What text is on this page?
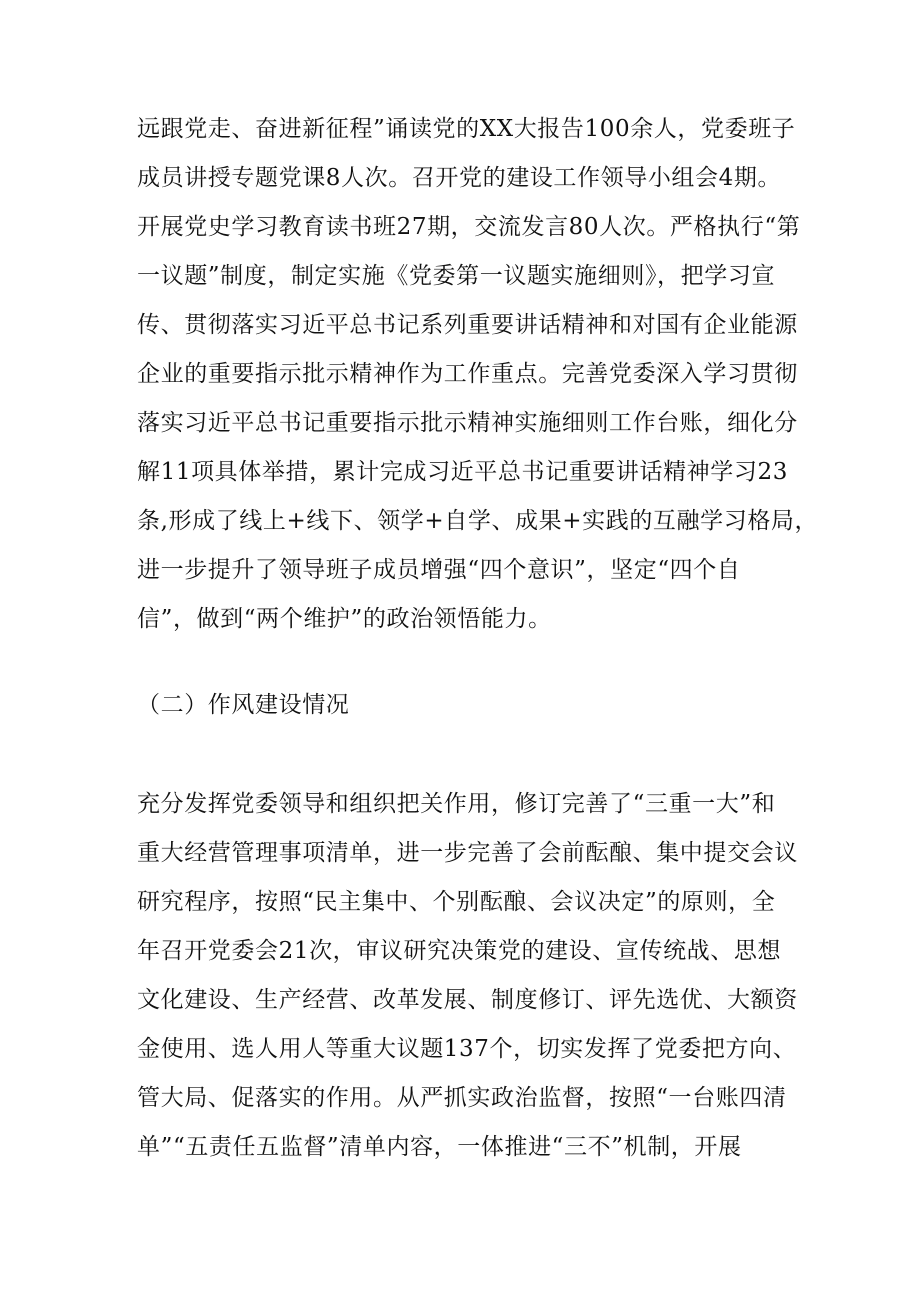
远跟党走、奋进新征程”诵读党的XX大报告100余人，党委班子
成员讲授专题党课8人次。召开党的建设工作领导小组会4期。
开展党史学习教育读书班27期，交流发言80人次。严格执行“第
一议题”制度，制定实施《党委第一议题实施细则》，把学习宣
传、贯彻落实习近平总书记系列重要讲话精神和对国有企业能源
企业的重要指示批示精神作为工作重点。完善党委深入学习贯彻
落实习近平总书记重要指示批示精神实施细则工作台账，细化分
解11项具体举措，累计完成习近平总书记重要讲话精神学习23
条,形成了线上+线下、领学+自学、成果+实践的互融学习格局，
进一步提升了领导班子成员增强“四个意识”，坚定“四个自
信”，做到“两个维护”的政治领悟能力。
（二）作风建设情况
充分发挥党委领导和组织把关作用，修订完善了“三重一大”和
重大经营管理事项清单，进一步完善了会前酝酿、集中提交会议
研究程序，按照“民主集中、个别酝酿、会议决定”的原则，全
年召开党委会21次，审议研究决策党的建设、宣传统战、思想
文化建设、生产经营、改革发展、制度修订、评先选优、大额资
金使用、选人用人等重大议题137个，切实发挥了党委把方向、
管大局、促落实的作用。从严抓实政治监督，按照“一台账四清
单”“五责任五监督”清单内容，一体推进“三不”机制，开展
